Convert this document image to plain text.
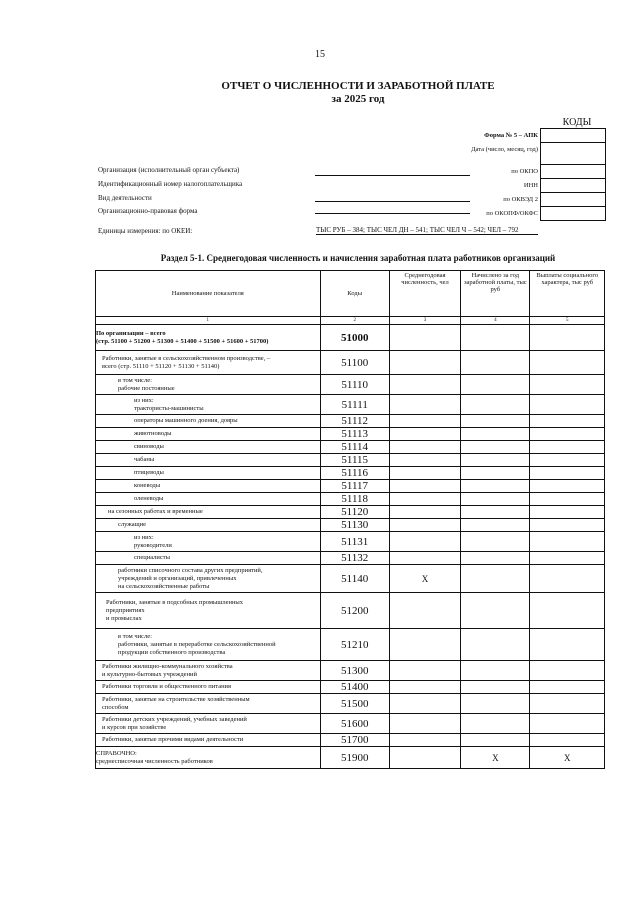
15
ОТЧЕТ О ЧИСЛЕННОСТИ И ЗАРАБОТНОЙ ПЛАТЕ
за 2025 год
КОДЫ
Форма № 5 – АПК
Дата (число, месяц, год)
по ОКПО
ИНН
по ОКВЭД 2
по ОКОПФ/ОКФС
Организация (исполнительный орган субъекта)
Идентификационный номер налогоплательщика
Вид деятельности
Организационно-правовая форма
Единицы измерения: по ОКЕИ:	ТЫС РУБ – 384; ТЫС ЧЕЛ ДН – 541; ТЫС ЧЕЛ Ч – 542; ЧЕЛ – 792
Раздел 5-1. Среднегодовая численность и начисления заработная плата работников организаций
Наименование показателя	Коды	Среднегодовая численность, чел	Начислено за год заработной платы, тыс руб	Выплаты социального характера, тыс руб
1	2	3	4	5

По организации – всего
(стр. 51100 + 51200 + 51300 + 51400 + 51500 + 51600 + 51700)	51000			

Работники, занятые в сельскохозяйственном производстве, –
всего (стр. 51110 + 51120 + 51130 + 51140)	51100			

в том числе:
рабочие постоянные	51110			

из них:
трактористы-машинисты	51111			

операторы машинного доения, дояры	51112			

животноводы	51113			

свиноводы	51114			

чабаны	51115			

птицеводы	51116			

коневоды	51117			

оленеводы	51118			

на сезонных работах и временные	51120			

служащие	51130			

из них:
руководители	51131			

специалисты	51132			

работники списочного состава других предприятий,
учреждений и организаций, привлеченных
на сельскохозяйственные работы	51140	X		

Работники, занятые в подсобных промышленных
предприятиях
и промыслах	51200			

в том числе:
работники, занятые в переработке сельскохозяйственной
продукции собственного производства	51210			

Работники жилищно-коммунального хозяйства
и культурно-бытовых учреждений	51300			

Работники торговли и общественного питания	51400			

Работники, занятые на строительстве хозяйственным
способом	51500			

Работники детских учреждений, учебных заведений
и курсов при хозяйстве	51600			

Работники, занятые прочими видами деятельности	51700			

СПРАВОЧНО:
среднесписочная численность работников	51900		X	X
